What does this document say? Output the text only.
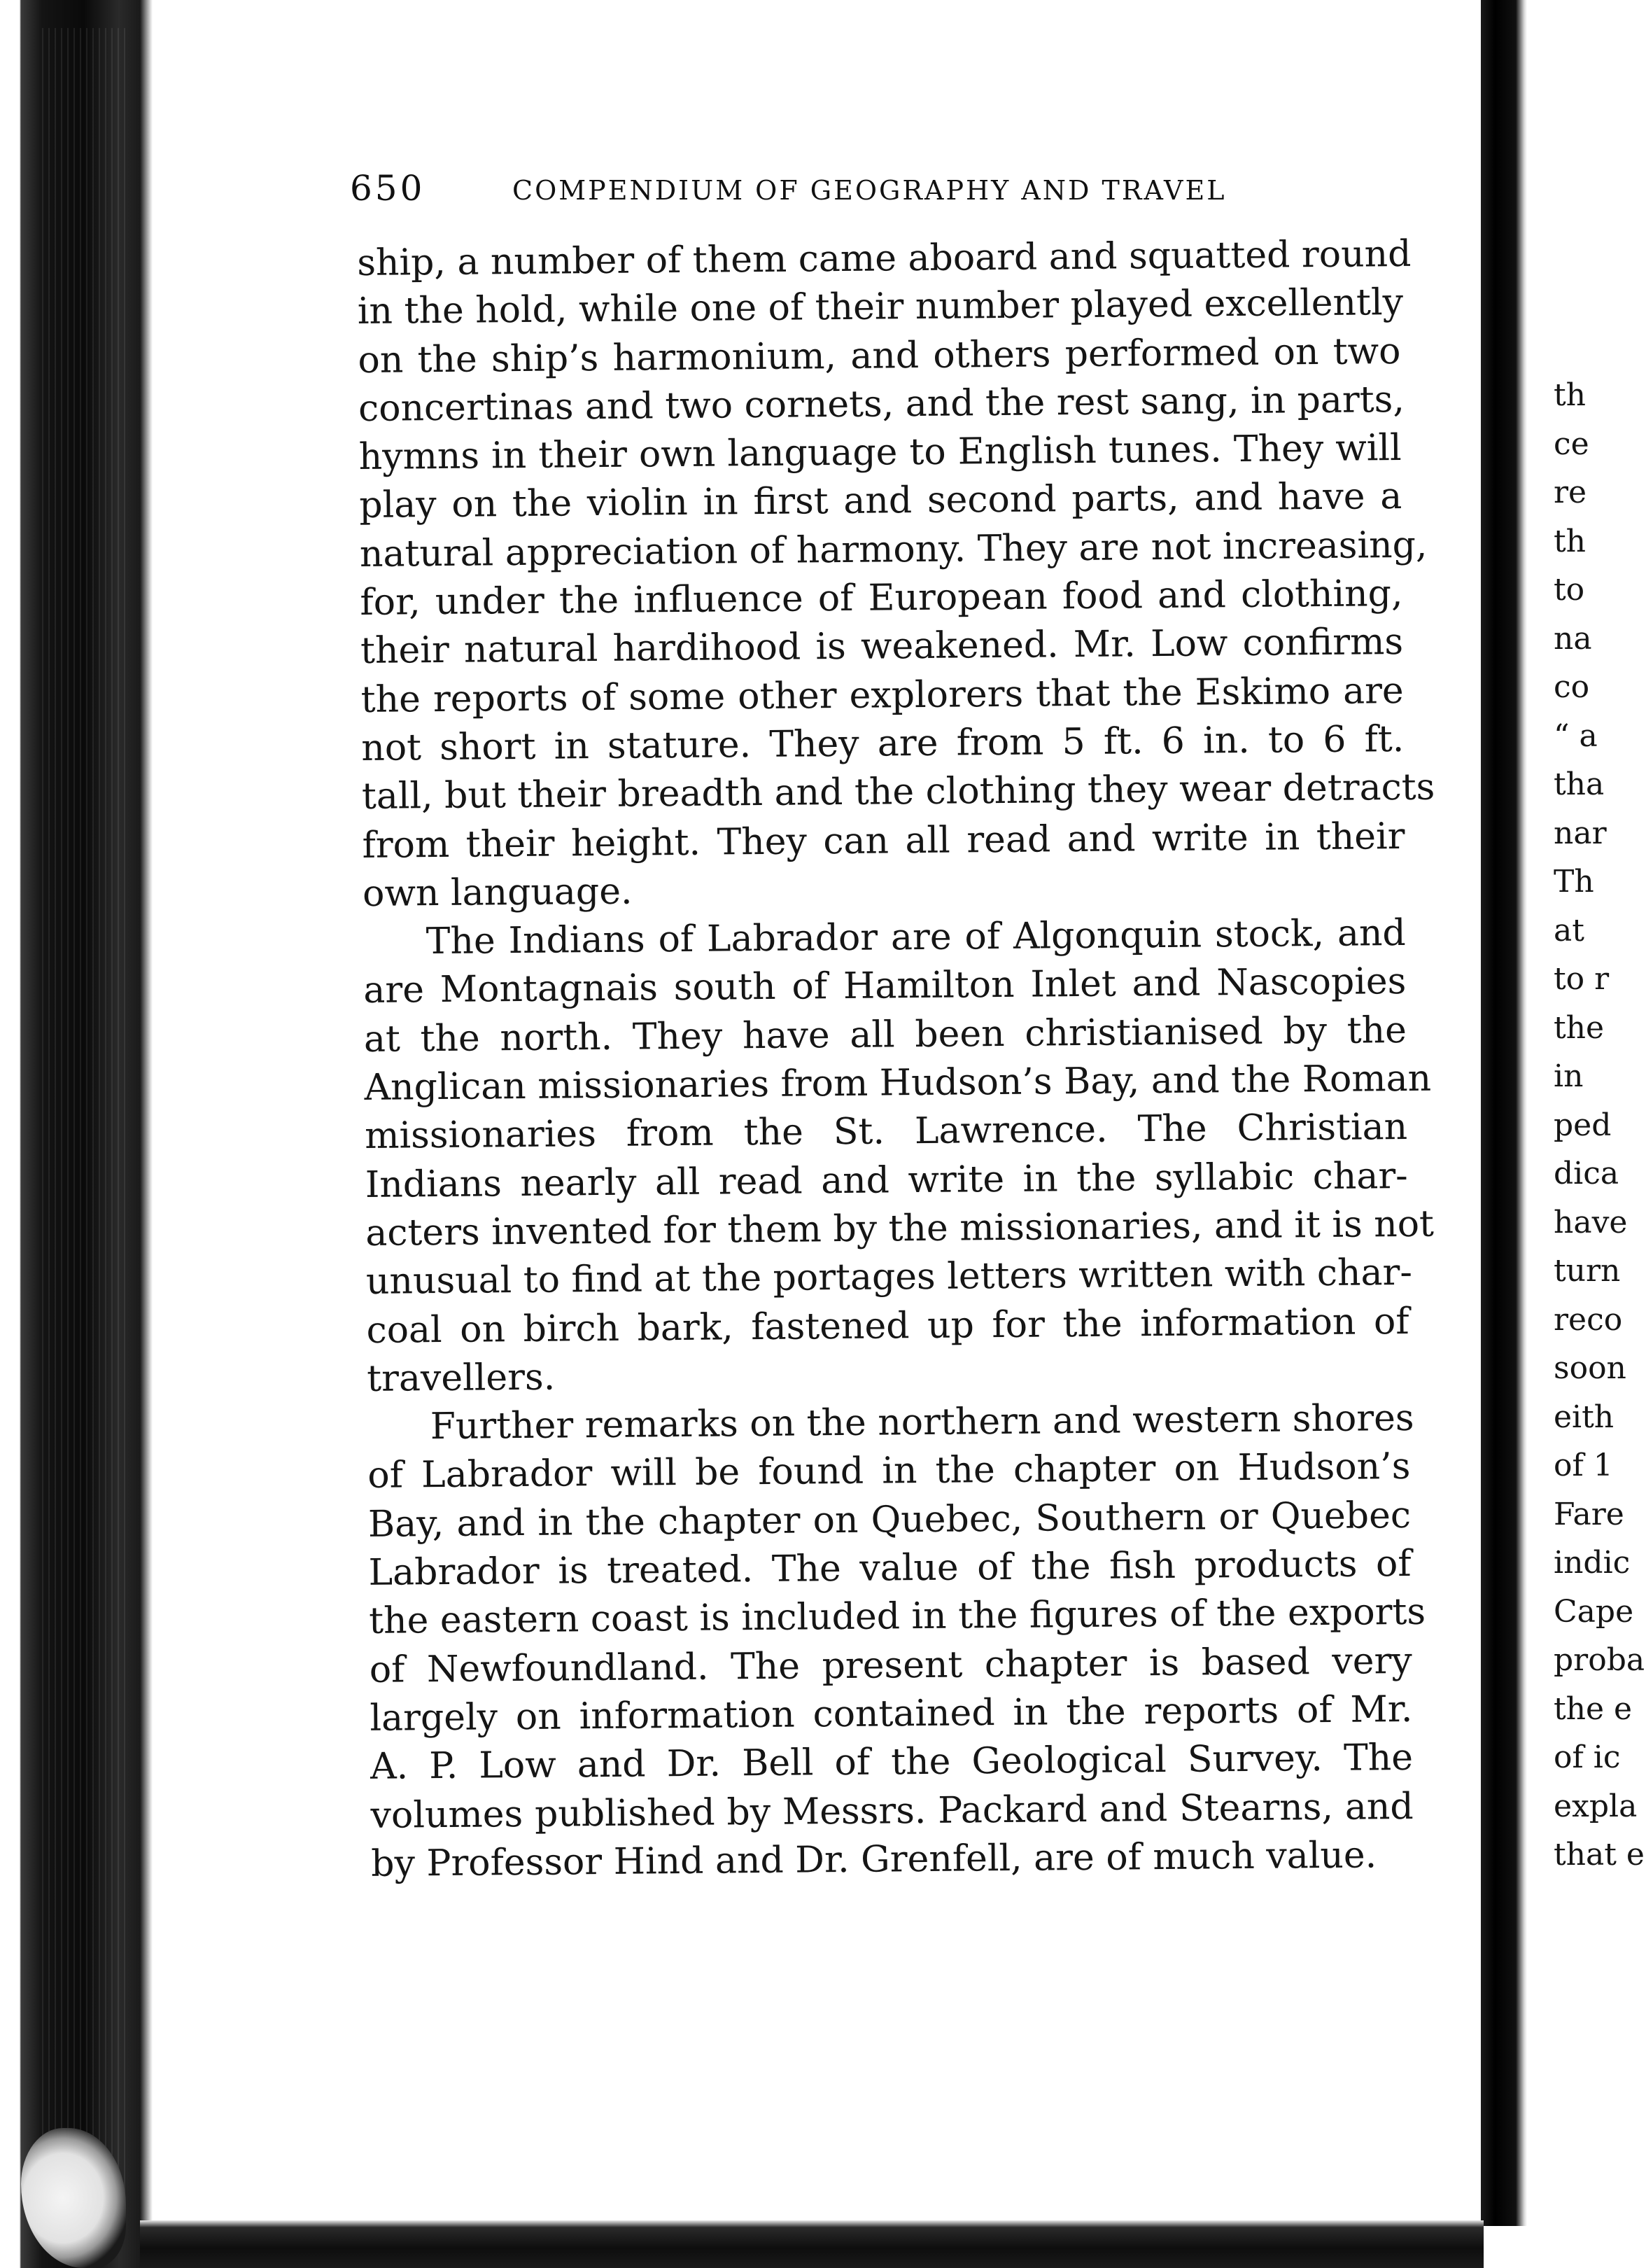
650	COMPENDIUM OF GEOGRAPHY AND TRAVEL
ship, a number of them came aboard and squatted round
in the hold, while one of their number played excellently
on the ship’s harmonium, and others performed on two
concertinas and two cornets, and the rest sang, in parts,
hymns in their own language to English tunes. They will
play on the violin in first and second parts, and have a
natural appreciation of harmony. They are not increasing,
for, under the influence of European food and clothing,
their natural hardihood is weakened. Mr. Low confirms
the reports of some other explorers that the Eskimo are
not short in stature. They are from 5 ft. 6 in. to 6 ft.
tall, but their breadth and the clothing they wear detracts
from their height. They can all read and write in their
own language.
The Indians of Labrador are of Algonquin stock, and
are Montagnais south of Hamilton Inlet and Nascopies
at the north. They have all been christianised by the
Anglican missionaries from Hudson’s Bay, and the Roman
missionaries from the St. Lawrence. The Christian
Indians nearly all read and write in the syllabic char-
acters invented for them by the missionaries, and it is not
unusual to find at the portages letters written with char-
coal on birch bark, fastened up for the information of
travellers.
Further remarks on the northern and western shores
of Labrador will be found in the chapter on Hudson’s
Bay, and in the chapter on Quebec, Southern or Quebec
Labrador is treated. The value of the fish products of
the eastern coast is included in the figures of the exports
of Newfoundland. The present chapter is based very
largely on information contained in the reports of Mr.
A. P. Low and Dr. Bell of the Geological Survey. The
volumes published by Messrs. Packard and Stearns, and
by Professor Hind and Dr. Grenfell, are of much value.
th
ce
re
th
to
na
co
“ a
tha
nar
Th
at
to r
the
in
ped
dica
have
turn
reco
soon
eith
of 1
Fare
indic
Cape
proba
the e
of ic
expla
that e
